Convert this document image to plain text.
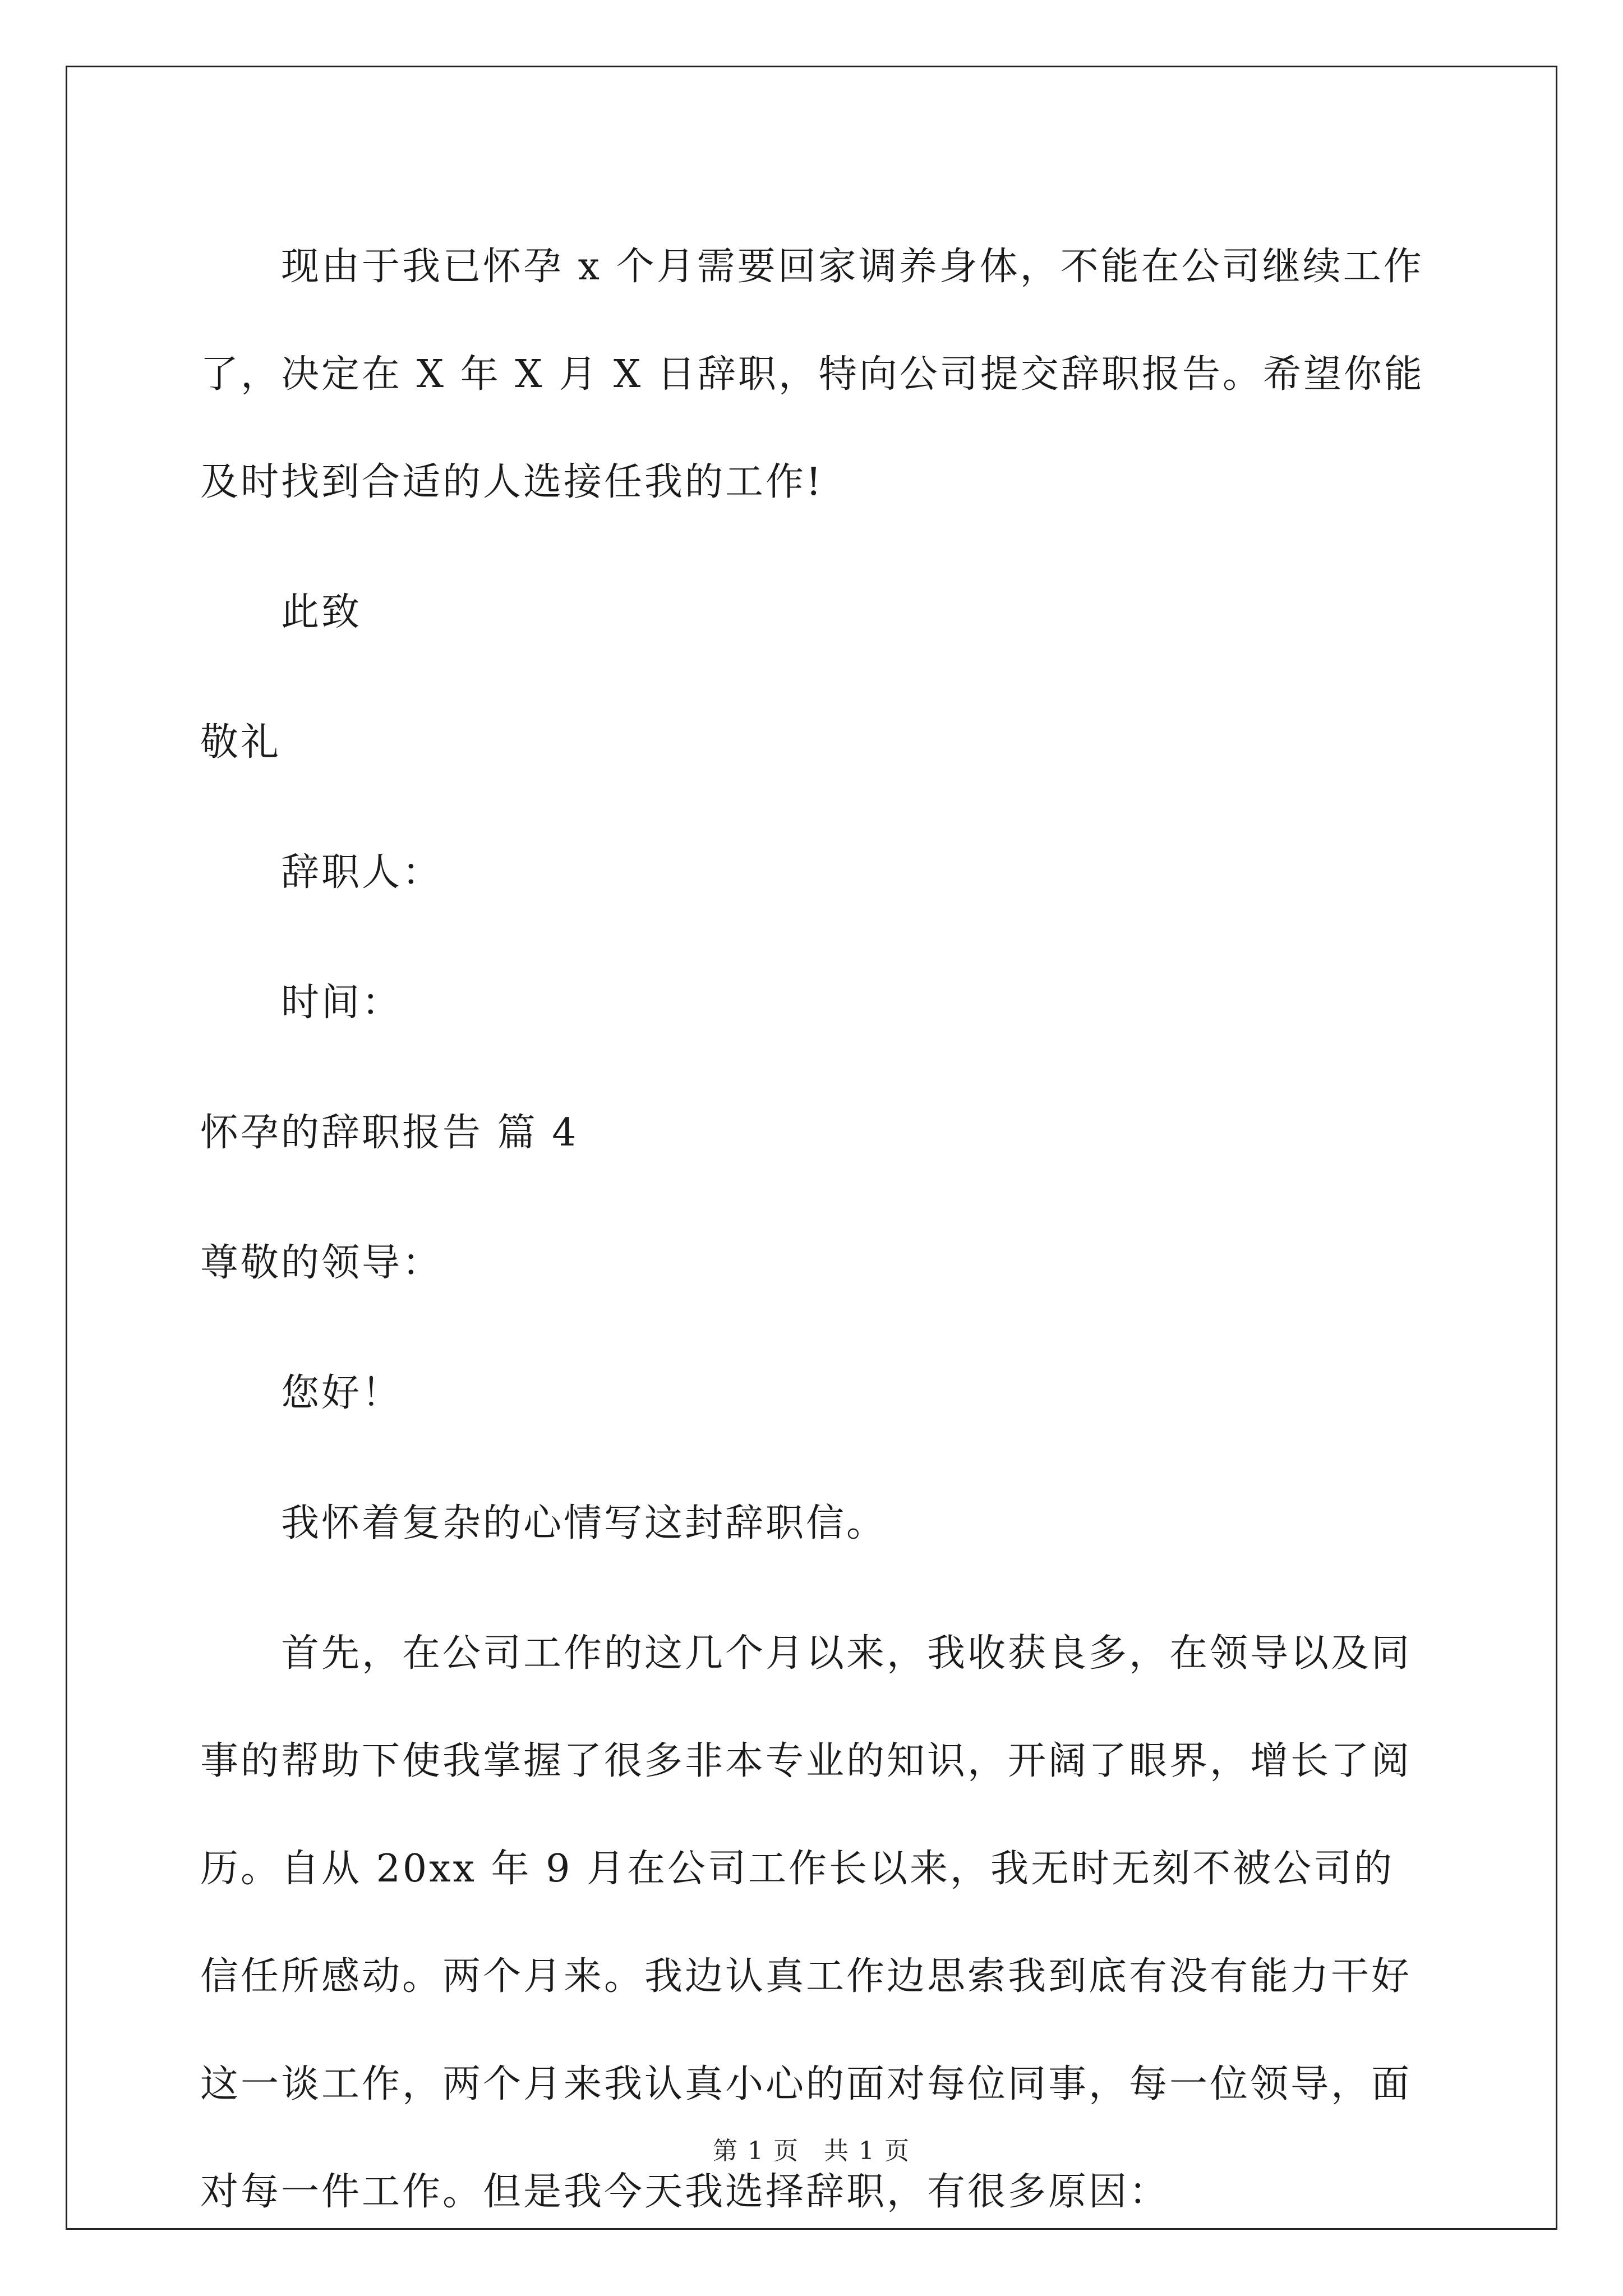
现由于我已怀孕 x 个月需要回家调养身体，不能在公司继续工作了，决定在 X 年 X 月 X 日辞职，特向公司提交辞职报告。希望你能及时找到合适的人选接任我的工作!

此致

敬礼

辞职人：

时间：

怀孕的辞职报告 篇 4

尊敬的领导：

您好！

我怀着复杂的心情写这封辞职信。

首先，在公司工作的这几个月以来，我收获良多，在领导以及同事的帮助下使我掌握了很多非本专业的知识，开阔了眼界，增长了阅历。自从 20xx 年 9 月在公司工作长以来，我无时无刻不被公司的信任所感动。两个月来。我边认真工作边思索我到底有没有能力干好这一谈工作，两个月来我认真小心的面对每位同事，每一位领导，面对每一件工作。但是我今天我选择辞职，有很多原因：

第 1 页 共 1 页
